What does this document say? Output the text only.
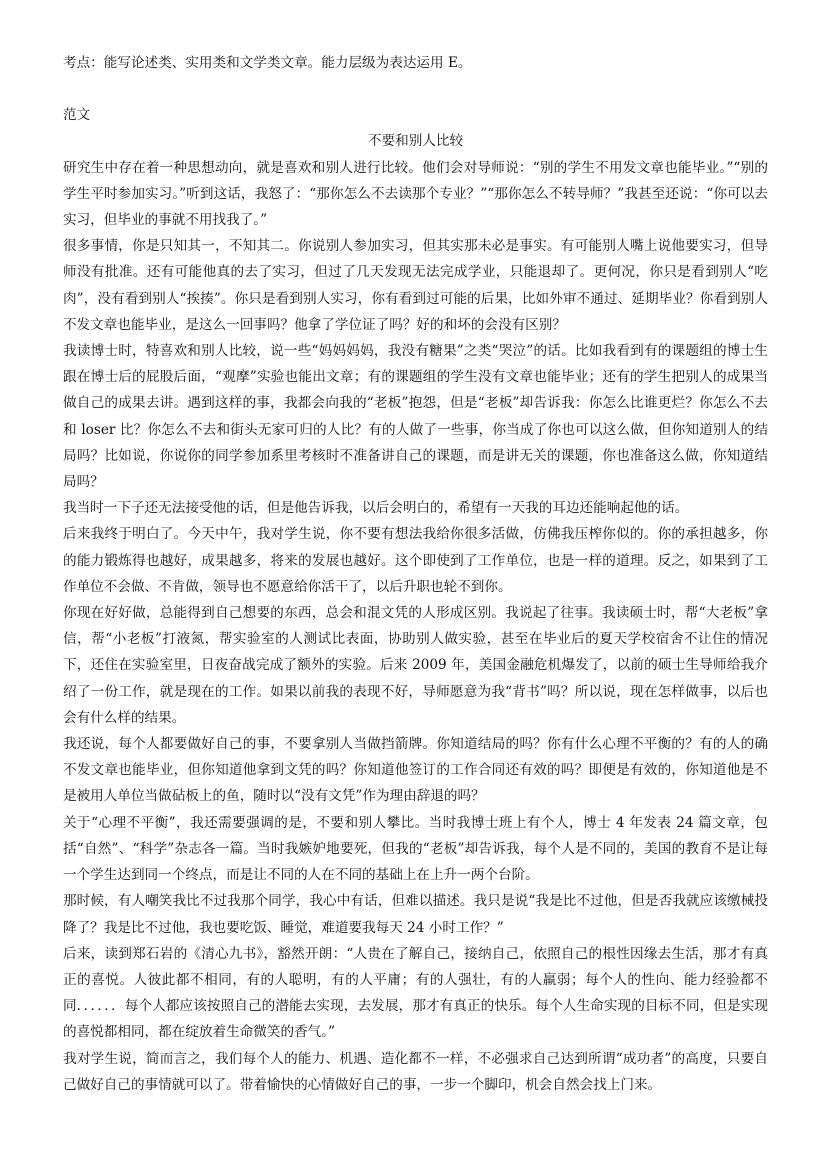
考点：能写论述类、实用类和文学类文章。能力层级为表达运用 E。

范文

不要和别人比较

研究生中存在着一种思想动向，就是喜欢和别人进行比较。他们会对导师说：“别的学生不用发文章也能毕业。”“别的学生平时参加实习。”听到这话，我怒了：“那你怎么不去读那个专业？”“那你怎么不转导师？”我甚至还说：“你可以去实习，但毕业的事就不用找我了。”

很多事情，你是只知其一，不知其二。你说别人参加实习，但其实那未必是事实。有可能别人嘴上说他要实习，但导师没有批准。还有可能他真的去了实习，但过了几天发现无法完成学业，只能退却了。更何况，你只是看到别人“吃肉”，没有看到别人“挨揍”。你只是看到别人实习，你有看到过可能的后果，比如外审不通过、延期毕业？你看到别人不发文章也能毕业，是这么一回事吗？他拿了学位证了吗？好的和坏的会没有区别？

我读博士时，特喜欢和别人比较，说一些“妈妈妈妈，我没有糖果”之类“哭泣”的话。比如我看到有的课题组的博士生跟在博士后的屁股后面，“观摩”实验也能出文章；有的课题组的学生没有文章也能毕业；还有的学生把别人的成果当做自己的成果去讲。遇到这样的事，我都会向我的“老板”抱怨，但是“老板”却告诉我：你怎么比谁更烂？你怎么不去和 loser 比？你怎么不去和街头无家可归的人比？有的人做了一些事，你当成了你也可以这么做，但你知道别人的结局吗？比如说，你说你的同学参加系里考核时不准备讲自己的课题，而是讲无关的课题，你也准备这么做，你知道结局吗？

我当时一下子还无法接受他的话，但是他告诉我，以后会明白的，希望有一天我的耳边还能响起他的话。

后来我终于明白了。今天中午，我对学生说，你不要有想法我给你很多活做，仿佛我压榨你似的。你的承担越多，你的能力锻炼得也越好，成果越多，将来的发展也越好。这个即使到了工作单位，也是一样的道理。反之，如果到了工作单位不会做、不肯做，领导也不愿意给你活干了，以后升职也轮不到你。

你现在好好做，总能得到自己想要的东西，总会和混文凭的人形成区别。我说起了往事。我读硕士时，帮“大老板”拿信，帮“小老板”打液氮，帮实验室的人测试比表面，协助别人做实验，甚至在毕业后的夏天学校宿舍不让住的情况下，还住在实验室里，日夜奋战完成了额外的实验。后来 2009 年，美国金融危机爆发了，以前的硕士生导师给我介绍了一份工作，就是现在的工作。如果以前我的表现不好，导师愿意为我“背书”吗？所以说，现在怎样做事，以后也会有什么样的结果。

我还说，每个人都要做好自己的事，不要拿别人当做挡箭牌。你知道结局的吗？你有什么心理不平衡的？有的人的确不发文章也能毕业，但你知道他拿到文凭的吗？你知道他签订的工作合同还有效的吗？即便是有效的，你知道他是不是被用人单位当做砧板上的鱼，随时以“没有文凭”作为理由辞退的吗？

关于“心理不平衡”，我还需要强调的是，不要和别人攀比。当时我博士班上有个人，博士 4 年发表 24 篇文章，包括“自然”、“科学”杂志各一篇。当时我嫉妒地要死，但我的“老板”却告诉我，每个人是不同的，美国的教育不是让每一个学生达到同一个终点，而是让不同的人在不同的基础上在上升一两个台阶。

那时候，有人嘲笑我比不过我那个同学，我心中有话，但难以描述。我只是说“我是比不过他，但是否我就应该缴械投降了？我是比不过他，我也要吃饭、睡觉，难道要我每天 24 小时工作？”

后来，读到郑石岩的《清心九书》，豁然开朗：“人贵在了解自己，接纳自己，依照自己的根性因缘去生活，那才有真正的喜悦。人彼此都不相同，有的人聪明，有的人平庸；有的人强壮，有的人羸弱；每个人的性向、能力经验都不同．．．．．．每个人都应该按照自己的潜能去实现，去发展，那才有真正的快乐。每个人生命实现的目标不同，但是实现的喜悦都相同，都在绽放着生命微笑的香气。”

我对学生说，简而言之，我们每个人的能力、机遇、造化都不一样，不必强求自己达到所谓“成功者”的高度，只要自己做好自己的事情就可以了。带着愉快的心情做好自己的事，一步一个脚印，机会自然会找上门来。
